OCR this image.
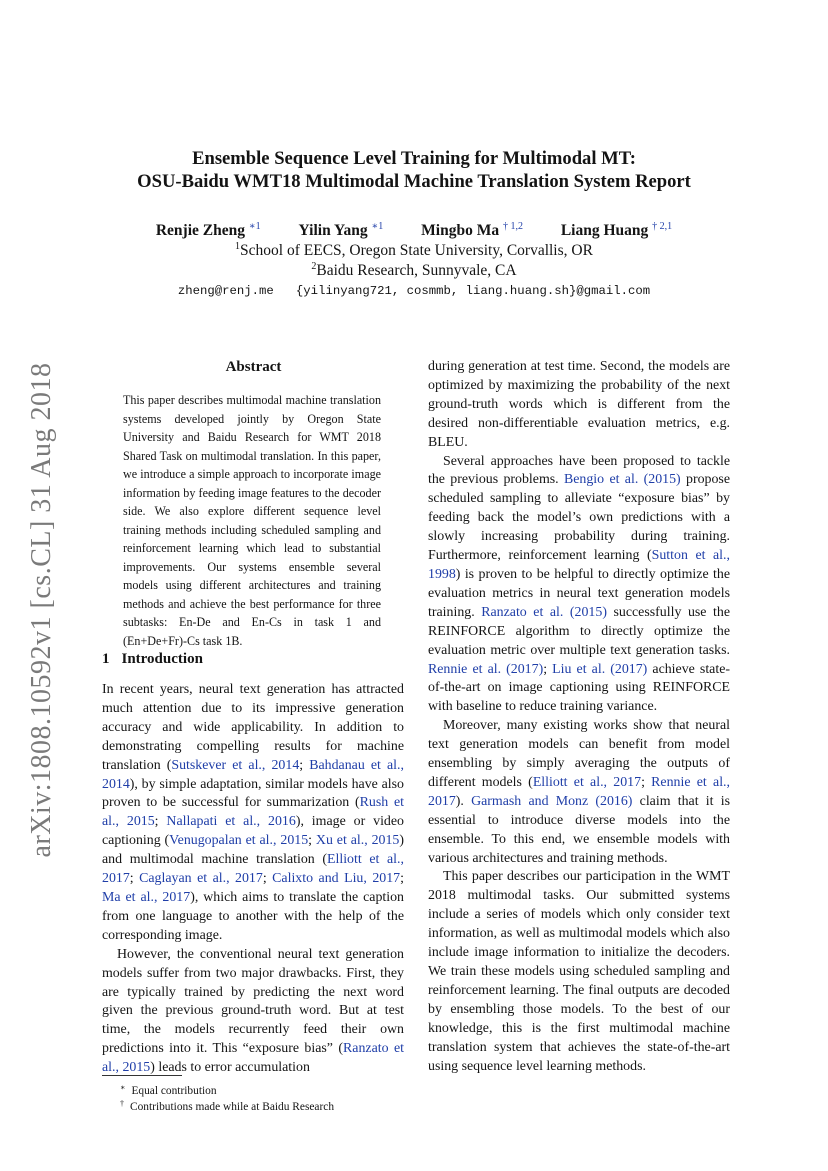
arXiv:1808.10592v1 [cs.CL] 31 Aug 2018
Ensemble Sequence Level Training for Multimodal MT:
OSU-Baidu WMT18 Multimodal Machine Translation System Report
Renjie Zheng $^{∗1}$ Yilin Yang $^{∗1}$ Mingbo Ma $^{\dagger 1,2}$ Liang Huang $^{\dagger 2,1}$
$^1$School of EECS, Oregon State University, Corvallis, OR
$^2$Baidu Research, Sunnyvale, CA
zheng@renj.me   {yilinyang721, cosmmb, liang.huang.sh}@gmail.com
Abstract
This paper describes multimodal machine translation systems developed jointly by Oregon State University and Baidu Research for WMT 2018 Shared Task on multimodal translation. In this paper, we introduce a simple approach to incorporate image information by feeding image features to the decoder side. We also explore different sequence level training methods including scheduled sampling and reinforcement learning which lead to substantial improvements. Our systems ensemble several models using different architectures and training methods and achieve the best performance for three subtasks: En-De and En-Cs in task 1 and (En+De+Fr)-Cs task 1B.
1 Introduction

In recent years, neural text generation has attracted much attention due to its impressive generation accuracy and wide applicability. In addition to demonstrating compelling results for machine translation (Sutskever et al., 2014; Bahdanau et al., 2014), by simple adaptation, similar models have also proven to be successful for summarization (Rush et al., 2015; Nallapati et al., 2016), image or video captioning (Venugopalan et al., 2015; Xu et al., 2015) and multimodal machine translation (Elliott et al., 2017; Caglayan et al., 2017; Calixto and Liu, 2017; Ma et al., 2017), which aims to translate the caption from one language to another with the help of the corresponding image.

However, the conventional neural text generation models suffer from two major drawbacks. First, they are typically trained by predicting the next word given the previous ground-truth word. But at test time, the models recurrently feed their own predictions into it. This “exposure bias” (Ranzato et al., 2015) leads to error accumulation

during generation at test time. Second, the models are optimized by maximizing the probability of the next ground-truth words which is different from the desired non-differentiable evaluation metrics, e.g. BLEU.

Several approaches have been proposed to tackle the previous problems. Bengio et al. (2015) propose scheduled sampling to alleviate “exposure bias” by feeding back the model’s own predictions with a slowly increasing probability during training. Furthermore, reinforcement learning (Sutton et al., 1998) is proven to be helpful to directly optimize the evaluation metrics in neural text generation models training. Ranzato et al. (2015) successfully use the REINFORCE algorithm to directly optimize the evaluation metric over multiple text generation tasks. Rennie et al. (2017); Liu et al. (2017) achieve state-of-the-art on image captioning using REINFORCE with baseline to reduce training variance.

Moreover, many existing works show that neural text generation models can benefit from model ensembling by simply averaging the outputs of different models (Elliott et al., 2017; Rennie et al., 2017). Garmash and Monz (2016) claim that it is essential to introduce diverse models into the ensemble. To this end, we ensemble models with various architectures and training methods.

This paper describes our participation in the WMT 2018 multimodal tasks. Our submitted systems include a series of models which only consider text information, as well as multimodal models which also include image information to initialize the decoders. We train these models using scheduled sampling and reinforcement learning. The final outputs are decoded by ensembling those models. To the best of our knowledge, this is the first multimodal machine translation system that achieves the state-of-the-art using sequence level learning methods.

∗ Equal contribution
† Contributions made while at Baidu Research
